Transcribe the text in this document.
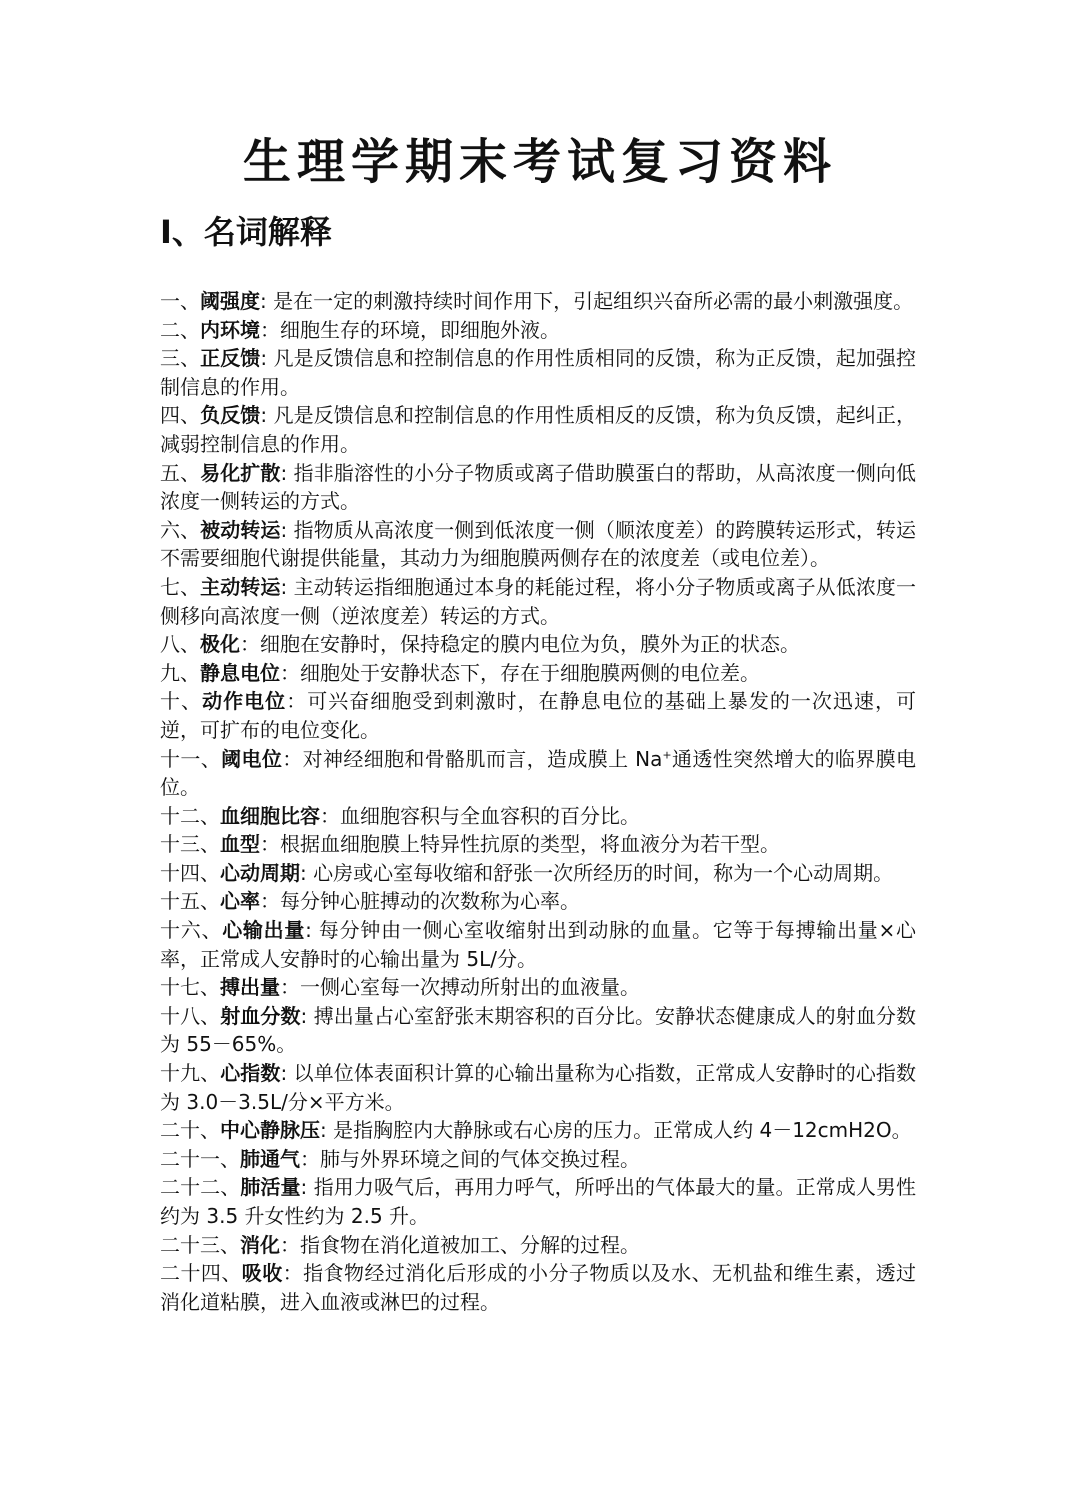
生理学期末考试复习资料
Ⅰ、名词解释

一、阈强度: 是在一定的刺激持续时间作用下，引起组织兴奋所必需的最小刺激强度。

二、内环境：细胞生存的环境，即细胞外液。

三、正反馈: 凡是反馈信息和控制信息的作用性质相同的反馈，称为正反馈，起加强控制信息的作用。

四、负反馈: 凡是反馈信息和控制信息的作用性质相反的反馈，称为负反馈，起纠正，减弱控制信息的作用。

五、易化扩散: 指非脂溶性的小分子物质或离子借助膜蛋白的帮助，从高浓度一侧向低浓度一侧转运的方式。

六、被动转运: 指物质从高浓度一侧到低浓度一侧（顺浓度差）的跨膜转运形式，转运不需要细胞代谢提供能量，其动力为细胞膜两侧存在的浓度差（或电位差）。

七、主动转运: 主动转运指细胞通过本身的耗能过程，将小分子物质或离子从低浓度一侧移向高浓度一侧（逆浓度差）转运的方式。

八、极化：细胞在安静时，保持稳定的膜内电位为负，膜外为正的状态。

九、静息电位：细胞处于安静状态下，存在于细胞膜两侧的电位差。

十、动作电位：可兴奋细胞受到刺激时，在静息电位的基础上暴发的一次迅速，可逆，可扩布的电位变化。

十一、阈电位：对神经细胞和骨骼肌而言，造成膜上 Na+通透性突然增大的临界膜电位。

十二、血细胞比容：血细胞容积与全血容积的百分比。

十三、血型：根据血细胞膜上特异性抗原的类型，将血液分为若干型。

十四、心动周期: 心房或心室每收缩和舒张一次所经历的时间，称为一个心动周期。

十五、心率：每分钟心脏搏动的次数称为心率。

十六、心输出量: 每分钟由一侧心室收缩射出到动脉的血量。它等于每搏输出量×心率，正常成人安静时的心输出量为 5L/分。

十七、搏出量：一侧心室每一次搏动所射出的血液量。

十八、射血分数: 搏出量占心室舒张末期容积的百分比。安静状态健康成人的射血分数为 55－65%。

十九、心指数: 以单位体表面积计算的心输出量称为心指数，正常成人安静时的心指数为 3.0－3.5L/分×平方米。

二十、中心静脉压: 是指胸腔内大静脉或右心房的压力。正常成人约 4－12cmH2O。

二十一、肺通气：肺与外界环境之间的气体交换过程。

二十二、肺活量: 指用力吸气后，再用力呼气，所呼出的气体最大的量。正常成人男性约为 3.5 升女性约为 2.5 升。

二十三、消化：指食物在消化道被加工、分解的过程。

二十四、吸收：指食物经过消化后形成的小分子物质以及水、无机盐和维生素，透过消化道粘膜，进入血液或淋巴的过程。
